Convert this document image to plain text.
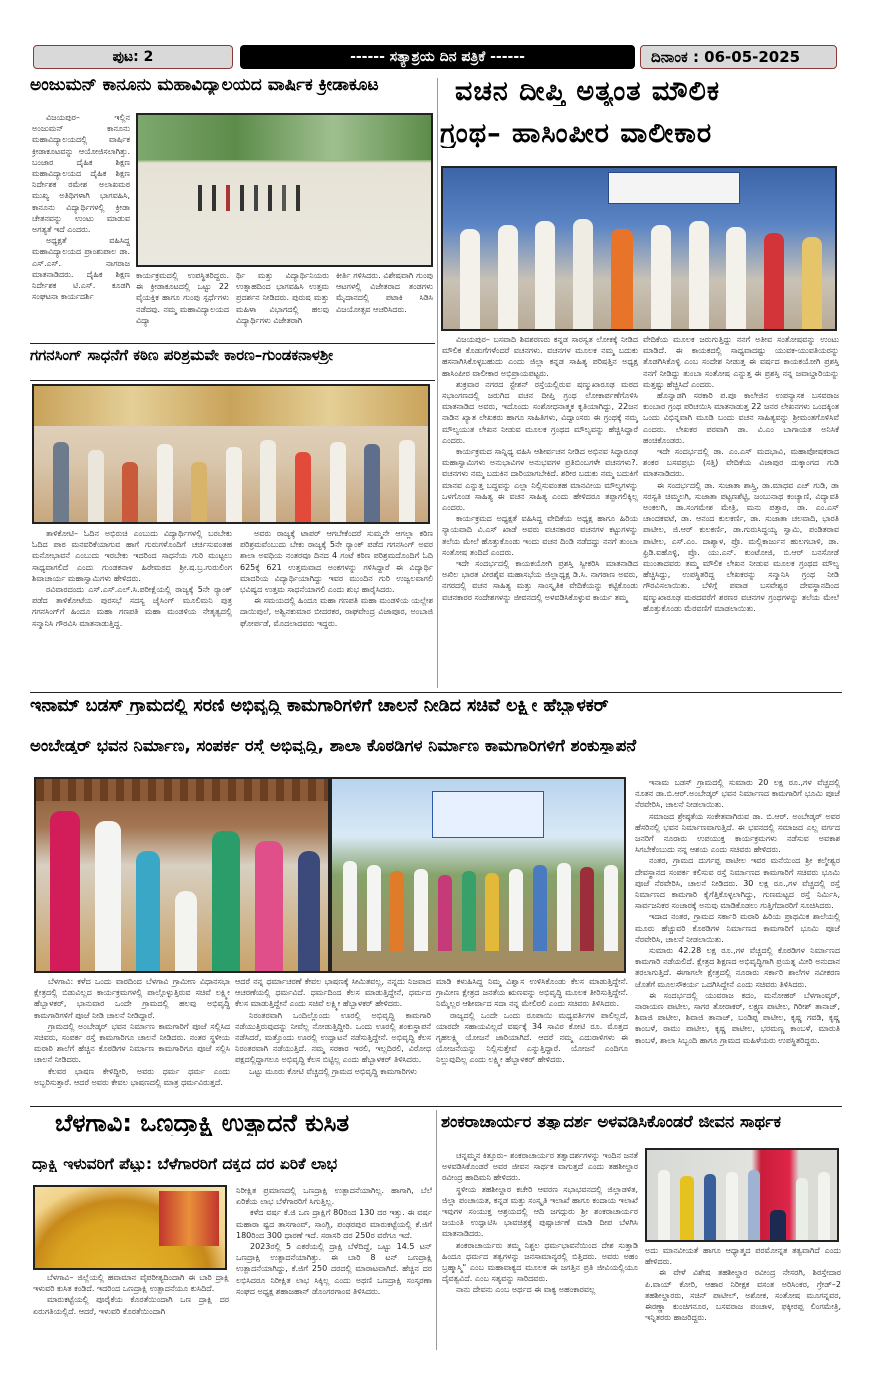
ಪುಟ: 2	------ ಸತ್ಯಾಶ್ರಯ ದಿನ ಪತ್ರಿಕೆ ------	ದಿನಾಂಕ : 06-05-2025
ಅಂಜುಮನ್ ಕಾನೂನು ಮಹಾವಿದ್ಯಾಲಯದ ವಾರ್ಷಿಕ ಕ್ರೀಡಾಕೂಟ

ವಿಜಯಪುರ– ಇಲ್ಲಿನ ಅಂಜುಮನ್ ಕಾನೂನು ಮಹಾವಿದ್ಯಾಲಯದಲ್ಲಿ ವಾರ್ಷಿಕ ಕ್ರೀಡಾಕೂಟವನ್ನು ಆಯೋಜಿಸಲಾಗಿತ್ತು. ಬಂಜಾರ ದೈಹಿಕ ಶಿಕ್ಷಣ ಮಹಾವಿದ್ಯಾಲಯದ ದೈಹಿಕ ಶಿಕ್ಷಣ ನಿರ್ದೇಶಕ ರಮೇಶ ಅಲಾಖಮಠ ಮುಖ್ಯ ಅತಿಥಿಗಳಾಗಿ ಭಾಗವಹಿಸಿ, ಕಾನೂನು ವಿದ್ಯಾರ್ಥಿಗಳಲ್ಲಿ ಕ್ರೀಡಾ ಚೇತನವನ್ನು ಉಂಟು ಮಾಡುವ ಅಗತ್ಯತೆ ಇದೆ ಎಂದರು.

ಅಧ್ಯಕ್ಷತೆ ವಹಿಸಿದ್ದ ಮಹಾವಿದ್ಯಾಲಯದ ಪ್ರಾಂಶುಪಾಲ ಡಾ. ಎಸ್.ಎಸ್. ನಾಗರಾಜ ಮಾತನಾಡಿದರು. ದೈಹಿಕ ಶಿಕ್ಷಣ ನಿರ್ದೇಶಕ ಟಿ.ಎಸ್. ಕೂಡಗಿ ಸಂಘಟನಾ ಕಾರ್ಯದರ್ಶಿ

ಕಾರ್ಯಕ್ರಮದಲ್ಲಿ ಉಪಸ್ಥಿತರಿದ್ದರು. ಈ ಕ್ರೀಡಾಕೂಟದಲ್ಲಿ ಒಟ್ಟು 22 ವೈಯಕ್ತಿಕ ಹಾಗೂ ಗುಂಪು ಸ್ಪರ್ಧೆಗಳು ನಡೆದವು. ನಮ್ಮ ಮಹಾವಿದ್ಯಾಲಯದ ವಿದ್ಯಾ

ರ್ಥಿ ಮತ್ತು ವಿದ್ಯಾರ್ಥಿನಿಯರು ಉತ್ಸಾಹದಿಂದ ಭಾಗವಹಿಸಿ ಉತ್ತಮ ಪ್ರದರ್ಶನ ನೀಡಿದರು. ಪುರುಷ ಮತ್ತು ಮಹಿಳಾ ವಿಭಾಗದಲ್ಲಿ ಹಲವು ವಿದ್ಯಾರ್ಥಿಗಳು ವಿಜೇತರಾಗಿ

ಕೀರ್ತಿ ಗಳಿಸಿದರು. ವಿಶೇಷವಾಗಿ ಗುಂಪು ಆಟಗಳಲ್ಲಿ ವಿಜೇತರಾದ ತಂಡಗಳು ಮೈದಾನದಲ್ಲಿ ಪಟಾಕಿ ಸಿಡಿಸಿ ವಿಜಯೋತ್ಸವ ಆಚರಿಸಿದರು.

ಗಗನಸಿಂಗ್ ಸಾಧನೆಗೆ ಕಠಿಣ ಪರಿಶ್ರಮವೇ ಕಾರಣ–ಗುಂಡಕನಾಳಶ್ರೀ

ತಾಳಿಕೋಟಿ– ಓದಿನ ಅಭಿರುಚಿ ಎಂಬುದು ವಿದ್ಯಾರ್ಥಿಗಳಲ್ಲಿ ಬರಬೇಕು ಓದಿದ ಪಾಠ ಮನವರಿಕೆಯಾಗುವ ಹಾಗೆ ಗುರುಗಳೊಂದಿಗೆ ಚರ್ಚಿಸುವಂತಹ ಮನೋಭಾವನೆ ಎಂಬುದು ಇರಬೇಕು ಇದರಿಂದ ಸಾಧನೆಯ ಗುರಿ ಮುಟ್ಟಲು ಸಾಧ್ಯವಾಗಲಿದೆ ಎಂದು ಗುಂಡಕನಾಳ ಹಿರೇಮಠದ ಶ್ರೀ.ಷ.ಬ್ರ.ಗುರುಲಿಂಗ ಶಿವಾಚಾರ್ಯ ಮಹಾಸ್ವಾಮಿಗಳು ಹೇಳಿದರು.

ರವಿವಾರದಂದು ಎಸ್.ಎಸ್.ಎಲ್.ಸಿ.ಪರೀಕ್ಷೆಯಲ್ಲಿ ರಾಜ್ಯಕ್ಕೆ 5ನೇ ರ್‍ಯಾಂಕ್ ಪಡೆದ ತಾಳಿಕೋಟೆಯ ಪುರಸಭೆ ಸದಸ್ಯ ಜೈಸಿಂಗ್ ಮೂಲಿಮನಿ ಪುತ್ರ ಗಗನಸಿಂಗ್‌ಗೆ ಹಿಂದೂ ಮಹಾ ಗಣಪತಿ ಮಹಾ ಮಂಡಳಿಯ ನೇತೃತ್ವದಲ್ಲಿ ಸನ್ಮಾನಿಸಿ ಗೌರವಿಸಿ ಮಾತನಾಡುತ್ತಿದ್ದ.

ಅವರು ರಾಜ್ಯಕ್ಕೆ ಟಾಪರ್ ಆಗಬೇಕೆಂದರೆ ಸುಮ್ಮನೇ ಆಗಲ್ಲಾ ಕಠಿಣ ಪರಿಶ್ರಮವೆಂಬುದು ಬೇಕು ರಾಜ್ಯಕ್ಕೆ 5ನೇ ರ್‍ಯಾಂಕ್ ಪಡೆದ ಗಗನಸಿಂಗ್ ಅವರ ಶಾಲಾ ಅವಧಿಯ ನಂತರವೂ ದಿನದ 4 ಗಂಟೆ ಕಠಿಣ ಪರಿಶ್ರಮದೊಂದಿಗೆ ಓದಿ 625ಕ್ಕೆ 621 ಉತ್ತಮವಾದ ಅಂಕಗಳನ್ನು ಗಳಿಸಿದ್ದಾರೆ ಈ ವಿದ್ಯಾರ್ಥಿ ಮಾದರಿಯ ವಿದ್ಯಾರ್ಥಿಯಾಗಿದ್ದು ಇವರ ಮುಂದಿನ ಗುರಿ ಉಜ್ವಲವಾಗಲಿ ಭವಿಷ್ಯದ ಉತ್ತಮ ಸಾಧನೆಯಾಗಲಿ ಎಂದು ಶುಭ ಹಾರೈಸಿದರು.

ಈ ಸಮಯದಲ್ಲಿ ಹಿಂದೂ ಮಹಾ ಗಣಪತಿ ಮಹಾ ಮಂಡಳಿಯ ಯಲ್ಲೇಶ ದಾಯಿಪುಲೆ, ಅಶ್ವಿನಕುಮಾರ ಬೀದರಕರ, ರಾಘವೇಂದ್ರ ವಿಜಾಪೂರ, ಅಂಬಾಜಿ ಘೋರ್ಪಡೆ, ಮೊದಲಾದವರು ಇದ್ದರು.

ವಚನ ದೀಪ್ತಿ ಅತ್ಯಂತ ಮೌಲಿಕ
ಗ್ರಂಥ– ಹಾಸಿಂಪೀರ ವಾಲೀಕಾರ

ವಿಜಯಪುರ– ಬಸವಾದಿ ಶಿವಶರಣರು ಕನ್ನಡ ಸಾರಸ್ವತ ಲೋಕಕ್ಕೆ ನೀಡಿದ ಮೌಲಿಕ ಕೊಡುಗೆಗಳೆಂದರೆ ವಚನಗಳು. ವಚನಗಳ ಮೂಲಕ ನಮ್ಮ ಬದುಕು ಹಸನಾಗಿಸಿಕೊಳ್ಳಬಹುದು ಎಂದು ಜಿಲ್ಲಾ ಕನ್ನಡ ಸಾಹಿತ್ಯ ಪರಿಷತ್ತಿನ ಅಧ್ಯಕ್ಷ ಹಾಸಿಂಪೀರ ವಾಲೀಕಾರ ಅಭಿಪ್ರಾಯಪಟ್ಟರು.

ಶುಕ್ರವಾರ ನಗರದ ಸ್ಟೇಶನ್ ರಸ್ತೆಯಲ್ಲಿರುವ ಷಣ್ಮುಖಾರೂಢ ಮಠದ ಸಭಾಂಗಣದಲ್ಲಿ ಜರುಗಿದ ವಚನ ದೀಪ್ತಿ ಗ್ರಂಥ ಲೋಕಾರ್ಪಣೆಗೊಳಿಸಿ ಮಾತನಾಡಿದ ಅವರು, ಇದೊಂದು ಸಂಶೋಧನಾತ್ಮಕ ಕೃತಿಯಾಗಿದ್ದು, 22ಜನ ನಾಡಿನ ಖ್ಯಾತ ಲೇಖಕರು ಹಾಗೂ ಸಾಹಿತಿಗಳು, ವಿದ್ವಾಂಸರು ಈ ಗ್ರಂಥಕ್ಕೆ ನಮ್ಮ ಮೌಲ್ಯಯುತ ಲೇಖನ ನೀಡುವ ಮೂಲಕ ಗ್ರಂಥದ ಮೌಲ್ಯವನ್ನು ಹೆಚ್ಚಿಸಿದ್ದಾರೆ ಎಂದರು.

ಕಾರ್ಯಕ್ರಮದ ಸಾನ್ನಿಧ್ಯ ವಹಿಸಿ ಆಶೀರ್ವಚನ ನೀಡಿದ ಅಭಿನವ ಸಿದ್ಧಾರೂಢ ಮಹಾಸ್ವಾಮಿಗಳು ಅನುಭಾವಿಗಳ ಅನುಭವಗಳ ಪ್ರತಿಬಿಂಬಗಳೇ ವಚನಗಳು?. ವಚನಗಳು ನಮ್ಮ ಬದುಕಿನ ದಾರಿಯಾಗಬೇಕಿದೆ. ಶರೀರ ಬದುಕು ನಮ್ಮ ಬದುಕಿಗೆ ಮಾನವ ಎನ್ನುತ್ತ ಬದ್ಧವನ್ನು ಎಲ್ಲಾ ನಿಲ್ಲಿಸುವಂತಹ ಮಾನವೀಯ ಮೌಲ್ಯಗಳನ್ನು ಒಳಗೊಂಡ ಸಾಹಿತ್ಯ ಈ ವಚನ ಸಾಹಿತ್ಯ ಎಂದು ಹೇಳಿದರೂ ತಪ್ಪಾಗಲಿಕ್ಕಿಲ್ಲ ಎಂದರು.

ಕಾರ್ಯಕ್ರಮದ ಅಧ್ಯಕ್ಷತೆ ವಹಿಸಿದ್ದ ವೇದಿಕೆಯ ಅಧ್ಯಕ್ಷ ಹಾಗೂ ಹಿರಿಯ ನ್ಯಾಯವಾದಿ ವಿ.ಎಸ್ ಖಾಡೆ ಅವರು ವಚನಕಾರರ ವಚನಗಳ ಕಟ್ಟುಗಳನ್ನು ತಲೆಯ ಮೇಲೆ ಹೊತ್ತುಕೊಂಡು ಇಂದು ವಚನ ದಿಂಡಿ ನಡೆದದ್ದು ನನಗೆ ತುಂಬಾ ಸಂತೋಷ ತಂದಿದೆ ಎಂದರು.

ಇದೇ ಸಂದರ್ಭದಲ್ಲಿ ಕಾಯಕಯೋಗಿ ಪ್ರಶಸ್ತಿ ಸ್ವೀಕರಿಸಿ ಮಾತನಾಡಿದ ಅಖಿಲ ಭಾರತ ವೀರಶೈವ ಮಹಾಸಭೆಯ ಜಿಲ್ಲಾಧ್ಯಕ್ಷ ಡಿ.ಸಿ. ನಾಗಠಾಣ ಅವರು, ನಗರದಲ್ಲಿ ವಚನ ಸಾಹಿತ್ಯ ಮತ್ತು ಸಾಂಸ್ಕೃತಿಕ ವೇದಿಕೆಯನ್ನು ಕಟ್ಟಿಕೊಂಡು ವಚನಕಾರರ ಸಂದೇಶಗಳನ್ನು ಜೀವನದಲ್ಲಿ ಅಳವಡಿಸಿಕೊಳ್ಳುವ ಕಾರ್ಯ ತಮ್ಮ

ವೇದಿಕೆಯ ಮೂಲಕ ಜರುಗುತ್ತಿದ್ದು ನನಗೆ ಅತೀವ ಸಂತೋಷವನ್ನು ಉಂಟು ಮಾಡಿದೆ. ಈ ಕಾಯಕದಲ್ಲಿ ಸಾಧ್ಯವಾದಷ್ಟು ಯುವಕ-ಯುವತಿಯರನ್ನು ತೊಡಗಿಸಿಕೊಳ್ಳಿ ಎಂಬ ಸಂದೇಶ ನೀಡುತ್ತ ಈ ವರ್ಷದ ಕಾಯಕಯೋಗಿ ಪ್ರಶಸ್ತಿ ನನಗೆ ನೀಡಿದ್ದು ತುಂಬಾ ಸಂತೋಷ ಎನ್ನುತ್ತ ಈ ಪ್ರಶಸ್ತಿ ನನ್ನ ಜವಾಬ್ದಾರಿಯನ್ನು ಮತ್ತಷ್ಟು ಹೆಚ್ಚಿಸಿದೆ ಎಂದರು.

ಹೊನ್ವಾಡಗಿ ಸರಕಾರಿ ಪ.ಪೂ ಕಾಲೇಜಿನ ಉಪನ್ಯಾಸಕ ಬಸವರಾಜ ಕುಂಬಾರ ಗ್ರಂಥ ಪರಿಚಯಿಸಿ ಮಾತನಾಡುತ್ತ 22 ಜನರ ಲೇಖನಗಳು ಒಂದಕ್ಕಿಂತ ಒಂದು ವಿಭಿನ್ನವಾಗಿ ಮೂಡಿ ಬಂದು ವಚನ ಸಾಹಿತ್ಯವನ್ನು ಶ್ರೀಮಂತಗೊಳಿಸಿವೆ ಎಂದರು. ಲೇಖಕರ ಪರವಾಗಿ ಡಾ. ವಿ.ಎಂ ಬಾಗಾಯತ ಅನಿಸಿಕೆ ಹಂಚಿಕೊಂಡರು.

ಇದೇ ಸಂದರ್ಭದಲ್ಲಿ ಡಾ. ಎಂ.ಎಸ್ ಮದಭಾವಿ, ಮಹಾಪೋಷಕರಾದ ಶಂಕರ ಬಸವಪ್ರಭು (ಸತ್ತಿ) ವೇದಿಕೆಯ ವಿಜಾಪುರ ದುಕ್ಕಾಂಗದ ಗುಡಿ ಮಾತನಾಡಿದರು.

ಈ ಸಂದರ್ಭದಲ್ಲಿ ಡಾ. ಸುಜಾತಾ ಶಾಸ್ತ್ರಿ, ಡಾ.ಮಾಧವ ಎಚ್ ಗುಡಿ, ಡಾ ಸರಸ್ವತಿ ಚಿಮ್ಮಲಗಿ, ಸುಜಾತಾ ಪಟ್ಟಣಶೆಟ್ಟಿ, ಜಂಬುನಾಥ ಕಂಚ್ಯಾಣಿ, ವಿದ್ಯಾವತಿ ಅಂಕಲಗಿ, ಡಾ.ಸಂಗಮೇಶ ಮೇತ್ರಿ, ಮನು ಪತ್ತಾರ, ಡಾ. ಎಂ.ಎಸ್ ಚಾಂದಕವಟೆ, ಡಾ. ಆನಂದ ಕುಲಕರ್ಣಿ, ಡಾ. ಸುಜಾತಾ ಚಲವಾದಿ, ಭಾರತಿ ಪಾಟೀಲ, ಜಿ.ಆರ್ ಕುಲಕರ್ಣಿ, ಡಾ.ಗುರುಸಿದ್ಧಯ್ಯ ಸ್ವಾಮಿ, ಪಂಡಿತರಾವ ಪಾಟೀಲ, ಎಸ್.ಎಂ. ದಾಶ್ಯಾಳ, ಪ್ರೊ. ಮಲ್ಲಿಕಾರ್ಜುನ ಹುಲಗಬಾಳಿ, ಡಾ. ಫ್ರಿಡಿ.ಐಹೊಳ್ಳಿ, ಪ್ರೊ. ಯು.ಎನ್. ಕುಂಟೋಜಿ, ಬಿ.ಆರ್ ಬನಸೋಡೆ ಮುಂತಾದವರು ತಮ್ಮ ಮೌಲಿಕ ಲೇಖನ ನೀಡುವ ಮೂಲಕ ಗ್ರಂಥದ ಮೌಲ್ಯ ಹೆಚ್ಚಿಸಿದ್ದು, ಉಪಸ್ಥಿತರಿದ್ದ ಲೇಖಕರನ್ನು ಸನ್ಮಾನಿಸಿ ಗ್ರಂಥ ನೀಡಿ ಗೌರವಿಸಲಾಯಿತು. ಬೆಳಿಗ್ಗೆ ಪವಾಡ ಬಸವೇಶ್ವರ ದೇವಸ್ಥಾನದಿಂದ ಷಣ್ಮುಖಾರೂಢ ಮಠದವರೆಗೆ ಶರಣರ ವಚನಗಳ ಗ್ರಂಥಗಳನ್ನು ತಲೆಯ ಮೇಲೆ ಹೊತ್ತುಕೊಂಡು ಮೆರವಣಿಗೆ ಮಾಡಲಾಯಿತು.

ಇನಾಮ್ ಬಡಸ್ ಗ್ರಾಮದಲ್ಲಿ ಸರಣಿ ಅಭಿವೃದ್ಧಿ ಕಾಮಗಾರಿಗಳಿಗೆ ಚಾಲನೆ ನೀಡಿದ ಸಚಿವೆ ಲಕ್ಷ್ಮೀ ಹೆಬ್ಬಾಳಕರ್
ಅಂಬೇಡ್ಕರ್ ಭವನ ನಿರ್ಮಾಣ, ಸಂಪರ್ಕ ರಸ್ತೆ ಅಭಿವೃದ್ಧಿ, ಶಾಲಾ ಕೊಠಡಿಗಳ ನಿರ್ಮಾಣ ಕಾಮಗಾರಿಗಳಿಗೆ ಶಂಕುಸ್ಥಾಪನೆ

ಇನಾಮ ಬಡಸ್ ಗ್ರಾಮದಲ್ಲಿ ಸುಮಾರು 20 ಲಕ್ಷ ರೂ.,ಗಳ ವೆಚ್ಚದಲ್ಲಿ ನೂತನ ಡಾ.ಬಿ.ಆರ್.ಅಂಬೇಡ್ಕರ್ ಭವನ ನಿರ್ಮಾಣದ ಕಾಮಗಾರಿಗೆ ಭೂಮಿ ಪೂಜೆ ನೆರವೇರಿಸಿ, ಚಾಲನೆ ನೀಡಲಾಯಿತು.

ಸಮಾಜದ ಶ್ರೇಷ್ಠತೆಯ ಸಂಕೇತವಾಗಿರುವ ಡಾ. ಬಿ.ಆರ್. ಅಂಬೇಡ್ಕರ್ ಅವರ ಹೆಸರಿನಲ್ಲಿ ಭವನ ನಿರ್ಮಾಣವಾಗುತ್ತಿದೆ. ಈ ಭವನದಲ್ಲಿ ಸಮಾಜದ ಎಲ್ಲ ವರ್ಗದ ಜನರಿಗೆ ನೂರಾರು ಉಪಯುಕ್ತ ಕಾರ್ಯಕ್ರಮಗಳು ನಡೆಸುವ ಅವಕಾಶ ಸಿಗಬೇಕೆಂಬುದು ನನ್ನ ಆಶಯ ಎಂದು ಸಚಿವರು ಹೇಳಿದರು.

ನಂತರ, ಗ್ರಾಮದ ದುರ್ಗಪ್ಪ ಪಾಟೀಲ ಇವರ ಮನೆಯಿಂದ ಶ್ರೀ ಕಲ್ಮೇಶ್ವರ ದೇವಸ್ಥಾನದ ಸಂಪರ್ಕ ಕಲಿಸುವ ರಸ್ತೆ ನಿರ್ಮಾಣದ ಕಾಮಗಾರಿಗೆ ಸಚಿವರು ಭೂಮಿ ಪೂಜೆ ನೆರವೇರಿಸಿ, ಚಾಲನೆ ನೀಡಿದರು. 30 ಲಕ್ಷ ರೂ.,ಗಳ ವೆಚ್ಚದಲ್ಲಿ ರಸ್ತೆ ನಿರ್ಮಾಣದ ಕಾಮಗಾರಿ ಕೈಗೆತ್ತಿಕೊಳ್ಳಲಾಗಿದ್ದು, ಗುಣಮಟ್ಟದ ರಸ್ತೆ ನಿರ್ಮಿಸಿ, ಸಾರ್ವಜನಿಕರ ಸಂಚಾರಕ್ಕೆ ಅನುವು ಮಾಡಿಕೊಡಲು ಗುತ್ತಿಗೆದಾರರಿಗೆ ಸೂಚಿಸಿದರು.

ಇದಾದ ನಂತರ, ಗ್ರಾಮದ ಸರ್ಕಾರಿ ಮರಾಠಿ ಹಿರಿಯ ಪ್ರಾಥಮಿಕ ಶಾಲೆಯಲ್ಲಿ ಮೂರು ಹೆಚ್ಚುವರಿ ಕೊಠಡಿಗಳ ನಿರ್ಮಾಣದ ಕಾಮಗಾರಿಗೆ ಭೂಮಿ ಪೂಜೆ ನೆರವೇರಿಸಿ, ಚಾಲನೆ ನೀಡಲಾಯಿತು.

ಸುಮಾರು 42.28 ಲಕ್ಷ ರೂ.,ಗಳ ವೆಚ್ಚದಲ್ಲಿ ಕೊಠಡಿಗಳ ನಿರ್ಮಾಣದ ಕಾಮಗಾರಿ ನಡೆಯಲಿದೆ. ಕ್ಷೇತ್ರದ ಶಿಕ್ಷಣದ ಅಭಿವೃದ್ಧಿಗಾಗಿ ಪ್ರಯತ್ನ ಮೀರಿ ಅನುದಾನ ತರಲಾಗುತ್ತಿದೆ. ಈಗಾಗಲೇ ಕ್ಷೇತ್ರದಲ್ಲಿ ನೂರಾರು ಸರ್ಕಾರಿ ಶಾಲೆಗಳ ನವೀಕರಣ ಜೊತೆಗೆ ಮೂಲಸೌಕರ್ಯ ಒದಗಿಸಿದ್ದೇನೆ ಎಂದು ಸಚಿವರು ತಿಳಿಸಿದರು.

ಈ ಸಂದರ್ಭದಲ್ಲಿ ಯುವರಾಜ ಕದಂ, ಮನೋಹರ್ ಬೆಳಗಾಂವ್ಕರ್, ನಾರಾಯಣ ಪಾಟೀಲ, ಸಾಗರ ತೋರಾಕರ್, ಲಕ್ಷ್ಮಣ ಪಾಟೀಲ, ಗಿರೀಶ್ ತಾನಾಜ್, ಶಿವಾಜಿ ಪಾಟೀಲ, ಶಿವಾಜಿ ತಾನಾಜ್, ಬಂಡಿಪ್ಪ ಪಾಟೀಲ, ಕೃಷ್ಣ ಗವಡಿ, ಕೃಷ್ಣ ಕಾಂಬಳೆ, ರಾಮು ಪಾಟೀಲ, ಕೃಷ್ಣ ಪಾಟೀಲ, ಭರಮಣ್ಣ ಕಾಂಬಳೆ, ಮಾರುತಿ ಕಾಂಬಳೆ, ಶಾಲಾ ಸಿಬ್ಬಂದಿ ಹಾಗೂ ಗ್ರಾಮದ ಮಹಿಳೆಯರು ಉಪಸ್ಥಿತರಿದ್ದರು.

ಬೆಳಗಾವಿ: ಕಳೆದ ಒಂದು ವಾರದಿಂದ ಬೆಳಗಾವಿ ಗ್ರಾಮೀಣ ವಿಧಾನಸಭಾ ಕ್ಷೇತ್ರದಲ್ಲಿ ಬಿಡುವಿಲ್ಲದ ಕಾರ್ಯಕ್ರಮಗಳಲ್ಲಿ ಪಾಲ್ಗೊಳ್ಳುತ್ತಿರುವ ಸಚಿವೆ ಲಕ್ಷ್ಮೀ ಹೆಬ್ಬಾಳಕರ್, ಭಾನುವಾರ ಒಂದೇ ಗ್ರಾಮದಲ್ಲಿ ಹಲವು ಅಭಿವೃದ್ಧಿ ಕಾಮಗಾರಿಗಳಿಗೆ ಪೂಜೆ ನೀಡಿ ಚಾಲನೆ ನೀಡಿದ್ದಾರೆ.

ಗ್ರಾಮದಲ್ಲಿ ಅಂಬೇಡ್ಕರ್ ಭವನ ನಿರ್ಮಾಣ ಕಾಮಗಾರಿಗೆ ಪೂಜೆ ಸಲ್ಲಿಸಿದ ಸಚಿವರು, ಸಂಪರ್ಕ ರಸ್ತೆ ಕಾಮಗಾರಿಗೂ ಚಾಲನೆ ನೀಡಿದರು. ನಂತರ ಸ್ಥಳೀಯ ಮರಾಠಿ ಶಾಲೆಗೆ ಹೆಚ್ಚಿನ ಕೊಠಡಿಗಳ ನಿರ್ಮಾಣ ಕಾಮಗಾರಿಗೂ ಪೂಜೆ ಸಲ್ಲಿಸಿ ಚಾಲನೆ ನೀಡಿದರು.

ಕೆಲವರ ಭಾಷಣ ಕೇಳಿದ್ದೀರಿ, ಅವರು ಧರ್ಮ ಧರ್ಮ ಎಂದು ಅಬ್ಬರಿಸುತ್ತಾರೆ. ಆದರೆ ಅವರು ಕೇವಲ ಭಾಷಣದಲ್ಲಿ ಮಾತ್ರ ಧರ್ಮವಿರುತ್ತದೆ.

ಆದರೆ ನನ್ನ ಧರ್ಮಾಚರಣೆ ಕೇವಲ ಭಾಷಣಕ್ಕೆ ಸೀಮಿತವಲ್ಲ, ನನ್ನದು ನಿಜವಾದ ಆಚರಣೆಯಲ್ಲಿ ಧರ್ಮವಿದೆ. ಧರ್ಮದಿಂದ ಕೆಲಸ ಮಾಡುತ್ತಿದ್ದೇನೆ, ಧರ್ಮದ ಕೆಲಸ ಮಾಡುತ್ತಿದ್ದೇನೆ ಎಂದು ಸಚಿವೆ ಲಕ್ಷ್ಮೀ ಹೆಬ್ಬಾಳಕರ್ ಹೇಳಿದರು.

ನಿರಂತರವಾಗಿ ಒಂದಿಲ್ಲೊಂದು ಊರಲ್ಲಿ ಅಭಿವೃದ್ಧಿ ಕಾಮಗಾರಿ ನಡೆಯುತ್ತಿರುವುದನ್ನು ನೀವೆಲ್ಲ ನೋಡುತ್ತಿದ್ದೀರಿ. ಒಂದು ಊರಲ್ಲಿ ಶಂಕುಸ್ಥಾಪನೆ ನಡೆಸಿದರೆ, ಮತ್ತೊಂದು ಊರಲ್ಲಿ ಉದ್ಘಾಟನೆ ನಡೆಸುತ್ತಿದ್ದೇನೆ. ಅಭಿವೃದ್ಧಿ ಕೆಲಸ ನಿರಂತರವಾಗಿ ನಡೆಯುತ್ತಿದೆ. ನಮ್ಮ ಸರಕಾರ ಇರಲಿ, ಇಲ್ಲದಿರಲಿ, ವಿರೋಧ ಪಕ್ಷದಲ್ಲಿದ್ದಾಗಲೂ ಅಭಿವೃದ್ಧಿ ಕೆಲಸ ಬಿಟ್ಟಿಲ್ಲ ಎಂದು ಹೆಬ್ಬಾಳಕರ್ ತಿಳಿಸಿದರು.

ಒಟ್ಟು ಮೂರು ಕೋಟಿ ವೆಚ್ಚದಲ್ಲಿ ಗ್ರಾಮದ ಅಭಿವೃದ್ಧಿ ಕಾಮಗಾರಿಗಳು

ಮಾಡಿ ಕಳುಹಿಸಿದ್ದ ನಿಮ್ಮ ವಿಶ್ವಾಸ ಉಳಿಸಿಕೊಂಡು ಕೆಲಸ ಮಾಡುತ್ತಿದ್ದೇನೆ. ಗ್ರಾಮೀಣ ಕ್ಷೇತ್ರದ ಜನತೆಯ ಋಣವನ್ನು ಅಭಿವೃದ್ಧಿ ಮೂಲಕ ತೀರಿಸುತ್ತಿದ್ದೇನೆ. ನಿಮ್ಮೆಲ್ಲರ ಆಶೀರ್ವಾದ ಸದಾ ನನ್ನ ಮೇಲಿರಲಿ ಎಂದು ಸಚಿವರು ತಿಳಿಸಿದರು.

ರಾಜ್ಯದಲ್ಲಿ ಒಂದೇ ಒಂದು ರೂಪಾಯಿ ಮಧ್ಯವರ್ತಿಗಳ ಪಾಲಿಲ್ಲದೆ, ಯಾರದೇ ಸಹಾಯವಿಲ್ಲದೆ ವರ್ಷಕ್ಕೆ 34 ಸಾವಿರ ಕೋಟಿ ರೂ. ಮೊತ್ತದ ಗೃಹಲಕ್ಷ್ಮಿ ಯೋಜನೆ ಜಾರಿಯಾಗಿದೆ. ಆದರೆ ನಮ್ಮ ಎದುರಾಳಿಗಳು ಈ ಯೋಜನೆಯನ್ನು ನಿಲ್ಲಿಸುತ್ತೇವೆ ಎನ್ನುತ್ತಿದ್ದಾರೆ. ಯೋಜನೆ ಎಂದಿಗೂ ನಿಲ್ಲುವುದಿಲ್ಲ ಎಂದು ಲಕ್ಷ್ಮೀ ಹೆಬ್ಬಾಳಕರ್ ಹೇಳಿದರು.

ಬೆಳಗಾವಿ: ಒಣದ್ರಾಕ್ಷಿ ಉತ್ಪಾದನೆ ಕುಸಿತ
ದ್ರಾಕ್ಷಿ ಇಳುವರಿಗೆ ಪೆಟ್ಟು: ಬೆಳೆಗಾರರಿಗೆ ದಕ್ಕದ ದರ ಏರಿಕೆ ಲಾಭ

ಬೆಳಗಾವಿ– ಜಿಲ್ಲೆಯಲ್ಲಿ ಹವಾಮಾನ ವೈಪರೀತ್ಯದಿಂದಾಗಿ ಈ ಬಾರಿ ದ್ರಾಕ್ಷಿ ಇಳುವರಿ ಕುಸಿತ ಕಂಡಿದೆ. ಇದರಿಂದ ಒಣದ್ರಾಕ್ಷಿ ಉತ್ಪಾದನೆಯೂ ಕುಸಿದಿದೆ.

ಮಾರುಕಟ್ಟೆಯಲ್ಲಿ ಪೂರೈಕೆಯ ಕೊರತೆಯಿಂದಾಗಿ ಒಣ ದ್ರಾಕ್ಷಿ ದರ ಏರುಗತಿಯಲ್ಲಿದೆ. ಆದರೆ, ಇಳುವರಿ ಕೊರತೆಯಿಂದಾಗಿ

ನಿರೀಕ್ಷಿತ ಪ್ರಮಾಣದಲ್ಲಿ ಒಣದ್ರಾಕ್ಷಿ ಉತ್ಪಾದನೆಯಾಗಿಲ್ಲ. ಹಾಗಾಗಿ, ಬೆಲೆ ಏರಿಕೆಯ ಲಾಭ ಬೆಳೆಗಾರರಿಗೆ ಸಿಗುತ್ತಿಲ್ಲ.

ಕಳೆದ ವರ್ಷ ಕೆ.ಜಿ ಒಣ ದ್ರಾಕ್ಷಿಗೆ 80ರಿಂದ 130 ದರ ಇತ್ತು. ಈ ವರ್ಷ ಮಹಾರಾ ಷ್ಟದ ತಾಸಗಾಂವ್, ಸಾಂಗ್ಲಿ, ಪಂಢರಪುರ ಮಾರುಕಟ್ಟೆಯಲ್ಲಿ ಕೆ.ಜಿಗೆ 180ರಿಂದ 300 ಧಾರಣೆ ಇದೆ. ಸರಾಸರಿ ದರ 250ರ ವರೆಗೂ ಇದೆ.

2023ರಲ್ಲಿ 5 ಎಕರೆಯಲ್ಲಿ ದ್ರಾಕ್ಷಿ ಬೆಳೆದಿದ್ದೆ, ಒಟ್ಟು 14.5 ಟನ್ ಒಣದ್ರಾಕ್ಷಿ ಉತ್ಪಾದನೆಯಾಗಿತ್ತು. ಈ ಬಾರಿ 8 ಟನ್ ಒಣದ್ರಾಕ್ಷಿ ಉತ್ಪಾದನೆಯಾಗಿದ್ದು, ಕೆ.ಜಿಗೆ 250 ದರದಲ್ಲಿ ಮಾರಾಟವಾಗಿದೆ. ಹೆಚ್ಚಿನ ದರ ಲಭಿಸಿದರೂ ನಿರೀಕ್ಷಿತ ಲಾಭ ಸಿಕ್ಕಿಲ್ಲ ಎಂದು ಅಥಣಿ ಒಣದ್ರಾಕ್ಷಿ ಸಂಸ್ಕರಣಾ ಸಂಘದ ಅಧ್ಯಕ್ಷ ಶಹಾಜಹಾನ್ ಡೊಂಗರಗಾಂವ ತಿಳಿಸಿದರು.

ಶಂಕರಾಚಾರ್ಯರ ತತ್ವಾದರ್ಶ ಅಳವಡಿಸಿಕೊಂಡರೆ ಜೀವನ ಸಾರ್ಥಕ

ಚನ್ನಮ್ಮನ ಕಿತ್ತೂರು– ಶಂಕರಾಚಾರ್ಯರ ತತ್ವಾದರ್ಶಗಳನ್ನು ಇಂದಿನ ಜನತೆ ಅಳವಡಿಸಿಕೊಂಡರೆ ಅವರ ಜೀವನ ಸಾರ್ಥಕ ವಾಗುತ್ತದೆ ಎಂದು ತಹಶೀಲ್ದಾರ ರವೀಂದ್ರ ಹಾದಿಮನಿ ಹೇಳಿದರು.

ಸ್ಥಳೀಯ ತಹಶೀಲ್ದಾರ ಕಚೇರಿ ಆವರಣ ಸಭಾಭವನದಲ್ಲಿ ಜಿಲ್ಲಾಡಳಿತ, ಜಿಲ್ಲಾ ಪಂಚಾಯತ, ಕನ್ನಡ ಮತ್ತು ಸಂಸ್ಕೃತಿ ಇಲಾಖೆ ಹಾಗೂ ಕಂದಾಯ ಇಲಾಖೆ ಇವುಗಳ ಸಂಯುಕ್ತ ಆಶ್ರಯದಲ್ಲಿ ಆದಿ ಜಗದ್ಗುರು ಶ್ರೀ ಶಂಕರಾಚಾರ್ಯರ ಜಯಂತಿ ಉದ್ಘಾಟಿಸಿ ಭಾವಚಿತ್ರಕ್ಕೆ ಪುಷ್ಪಾರ್ಚಣೆ ಮಾಡಿ ದೀಪ ಬೆಳಗಿಸಿ ಮಾತನಾಡಿದರು.

ಶಂಕರಾಚಾರ್ಯರು ತಮ್ಮ ನಿಶ್ಚಲ ಧರ್ಮಭಾವನೆಯಿಂದ ದೇಶ ಸುತ್ತಾಡಿ ಹಿಂದೂ ಧರ್ಮದ ತತ್ವಗಳನ್ನು ಜನಸಾಮಾನ್ಯರಲ್ಲಿ ಬಿತ್ತಿದರು. ಅವರು ಅಹಂ ಬ್ರಹ್ಮಾಸ್ಮಿ" ಎಂಬ ಮಹಾವಾಕ್ಯದ ಮೂಲಕ ಈ ಜಗತ್ತಿನ ಪ್ರತಿ ಜೀವಿಯಲ್ಲಿಯೂ ದೈವತ್ವವಿದೆ. ಎಂಬ ಸತ್ಯವನ್ನು ಸಾರಿದವರು.

ನಾನು ದೇವನು ಎಂಬ ಅರ್ಥದ ಈ ವಾಕ್ಯ ಅಹಂಕಾರವಲ್ಲ

ಅದು ಮಾನವೀಯತೆ ಹಾಗೂ ಆಧ್ಯಾತ್ಮದ ಪರಮೋನ್ನತ ತತ್ವವಾಗಿದೆ ಎಂದು ಹೇಳಿದರು.

ಈ ವೇಳೆ ವಿಶೇಷ ತಹಶೀಲ್ದಾರ ರವೀಂದ್ರ ನೇಸರಗಿ, ಶಿರಸ್ತೇದಾರ ಪಿ.ವಾಯ್ ಕೋರಿ, ಆಹಾರ ನಿರೀಕ್ಷಕ ವಸಂತ ಅರಿಸಿಂಕರ, ಗ್ರೇಡ್–2 ತಹಶೀಲ್ದಾರರು, ಸಚಿನ್ ಪಾಟೀಲ್, ಅಶೋಕ, ಸಂತೋಷ ಮೂಗನ್ನವರ, ಈರಣ್ಣಾ ಕುಂಚಿಗನೂರ, ಬಸವರಾಜ ಪಂಚಾಳ, ಫಕ್ಕೀರಪ್ಪ ಲಿಂಗಮೇತ್ರಿ, ಇನ್ನಿತರರು ಹಾಜರಿದ್ದರು.
